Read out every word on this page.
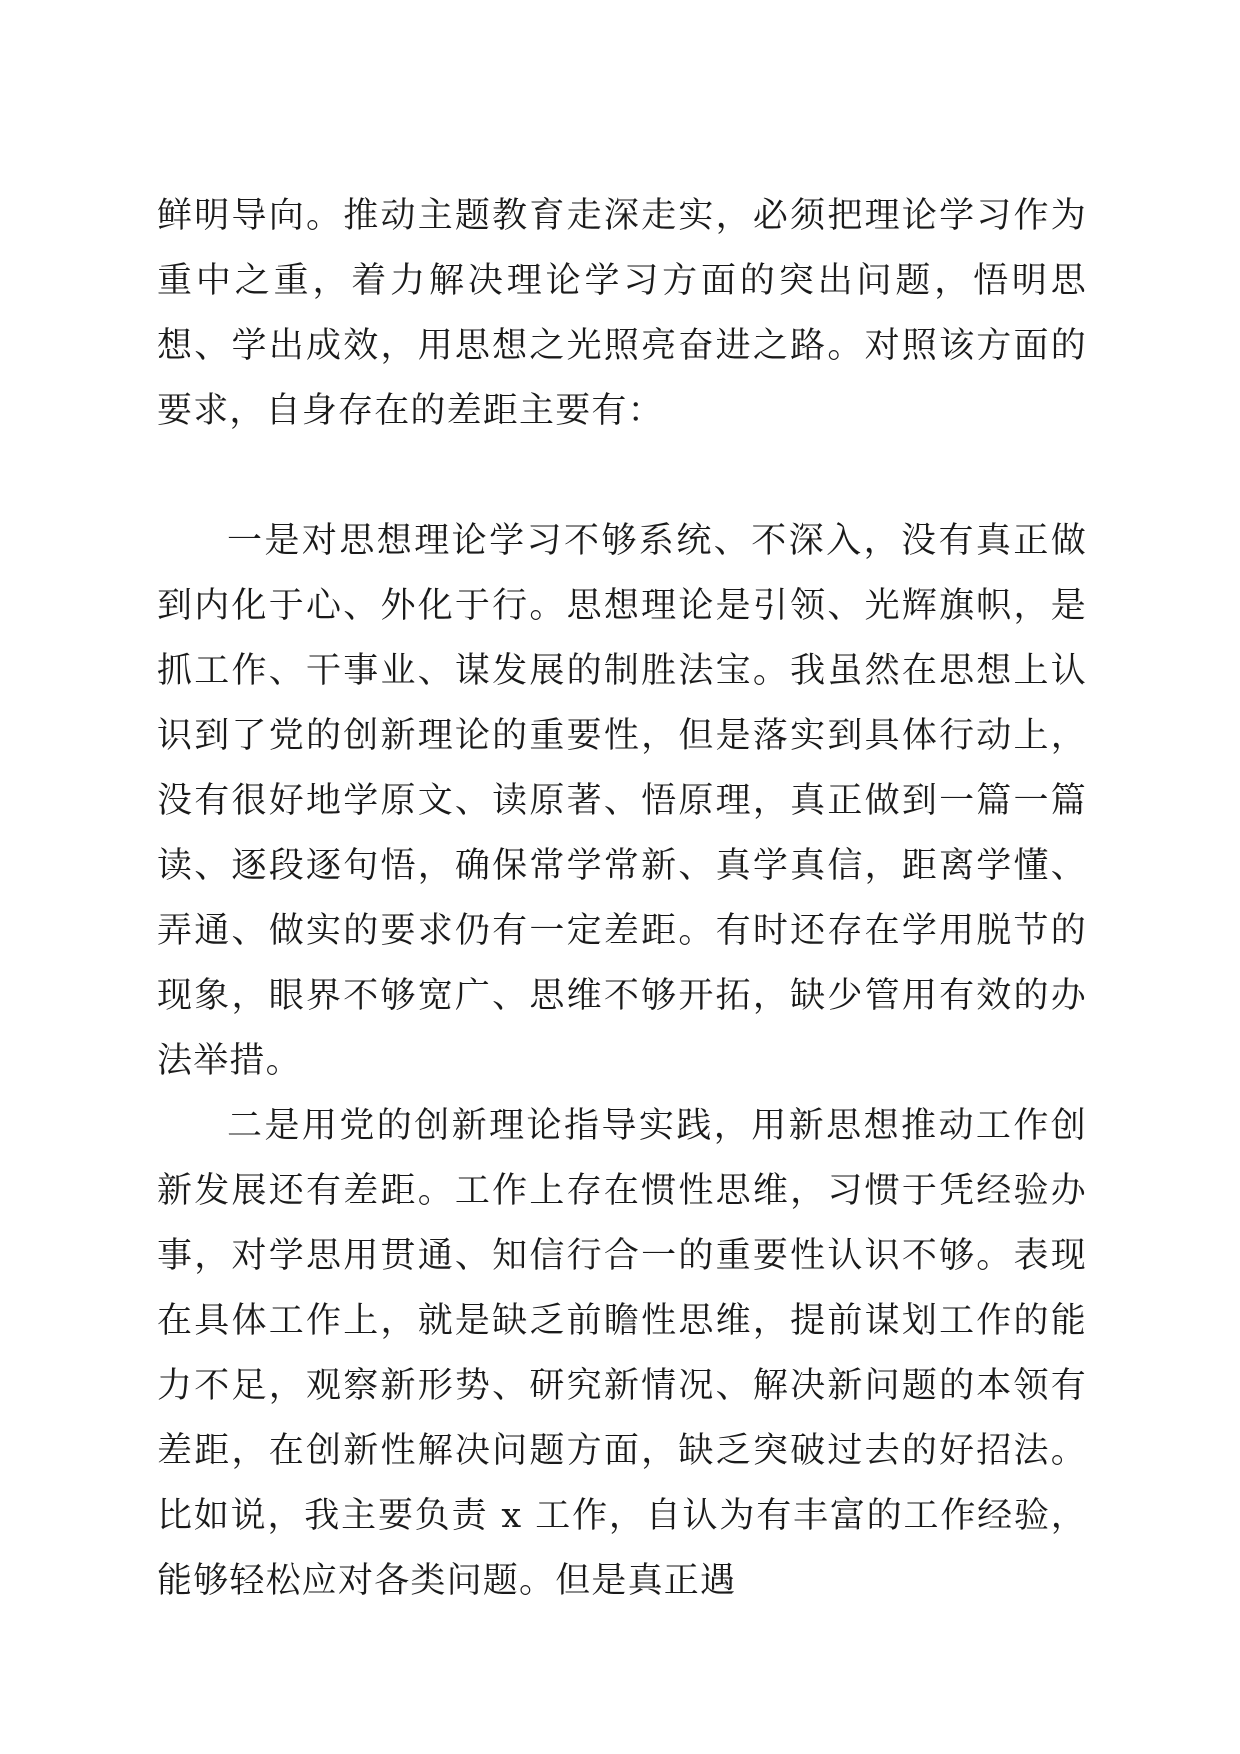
鲜明导向。推动主题教育走深走实，必须把理论学习作为重中之重，着力解决理论学习方面的突出问题，悟明思想、学出成效，用思想之光照亮奋进之路。对照该方面的要求，自身存在的差距主要有：

一是对思想理论学习不够系统、不深入，没有真正做到内化于心、外化于行。思想理论是引领、光辉旗帜，是抓工作、干事业、谋发展的制胜法宝。我虽然在思想上认识到了党的创新理论的重要性，但是落实到具体行动上，没有很好地学原文、读原著、悟原理，真正做到一篇一篇读、逐段逐句悟，确保常学常新、真学真信，距离学懂、弄通、做实的要求仍有一定差距。有时还存在学用脱节的现象，眼界不够宽广、思维不够开拓，缺少管用有效的办法举措。

二是用党的创新理论指导实践，用新思想推动工作创新发展还有差距。工作上存在惯性思维，习惯于凭经验办事，对学思用贯通、知信行合一的重要性认识不够。表现在具体工作上，就是缺乏前瞻性思维，提前谋划工作的能力不足，观察新形势、研究新情况、解决新问题的本领有差距，在创新性解决问题方面，缺乏突破过去的好招法。比如说，我主要负责 x 工作，自认为有丰富的工作经验，能够轻松应对各类问题。但是真正遇
